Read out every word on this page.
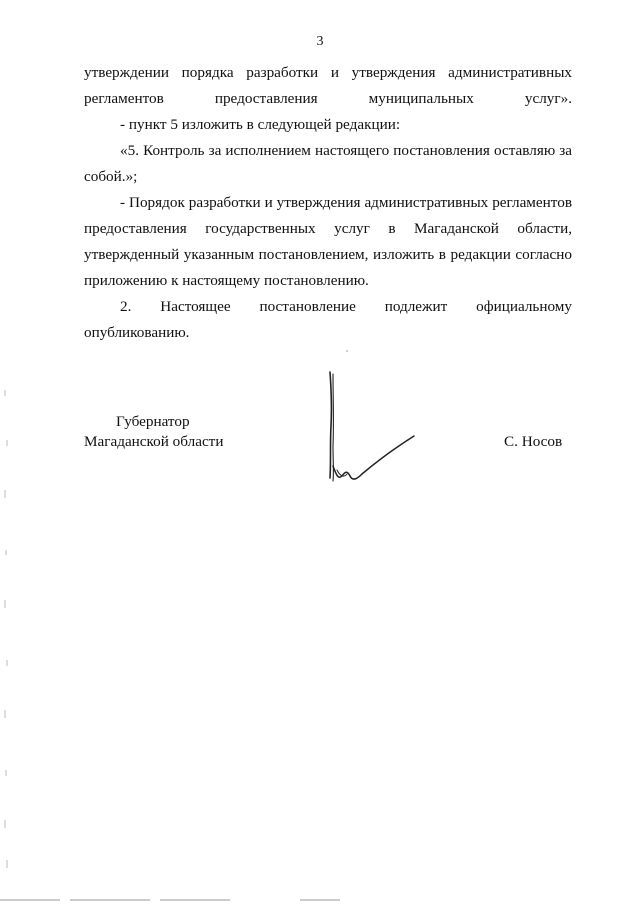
3

утверждении порядка разработки и утверждения административных регламентов предоставления муниципальных услуг».

- пункт 5 изложить в следующей редакции:

«5. Контроль за исполнением настоящего постановления оставляю за собой.»;

- Порядок разработки и утверждения административных регламентов предоставления государственных услуг в Магаданской области, утвержденный указанным постановлением, изложить в редакции согласно приложению к настоящему постановлению.

2. Настоящее постановление подлежит официальному опубликованию.

Губернатор
Магаданской области	С. Носов
